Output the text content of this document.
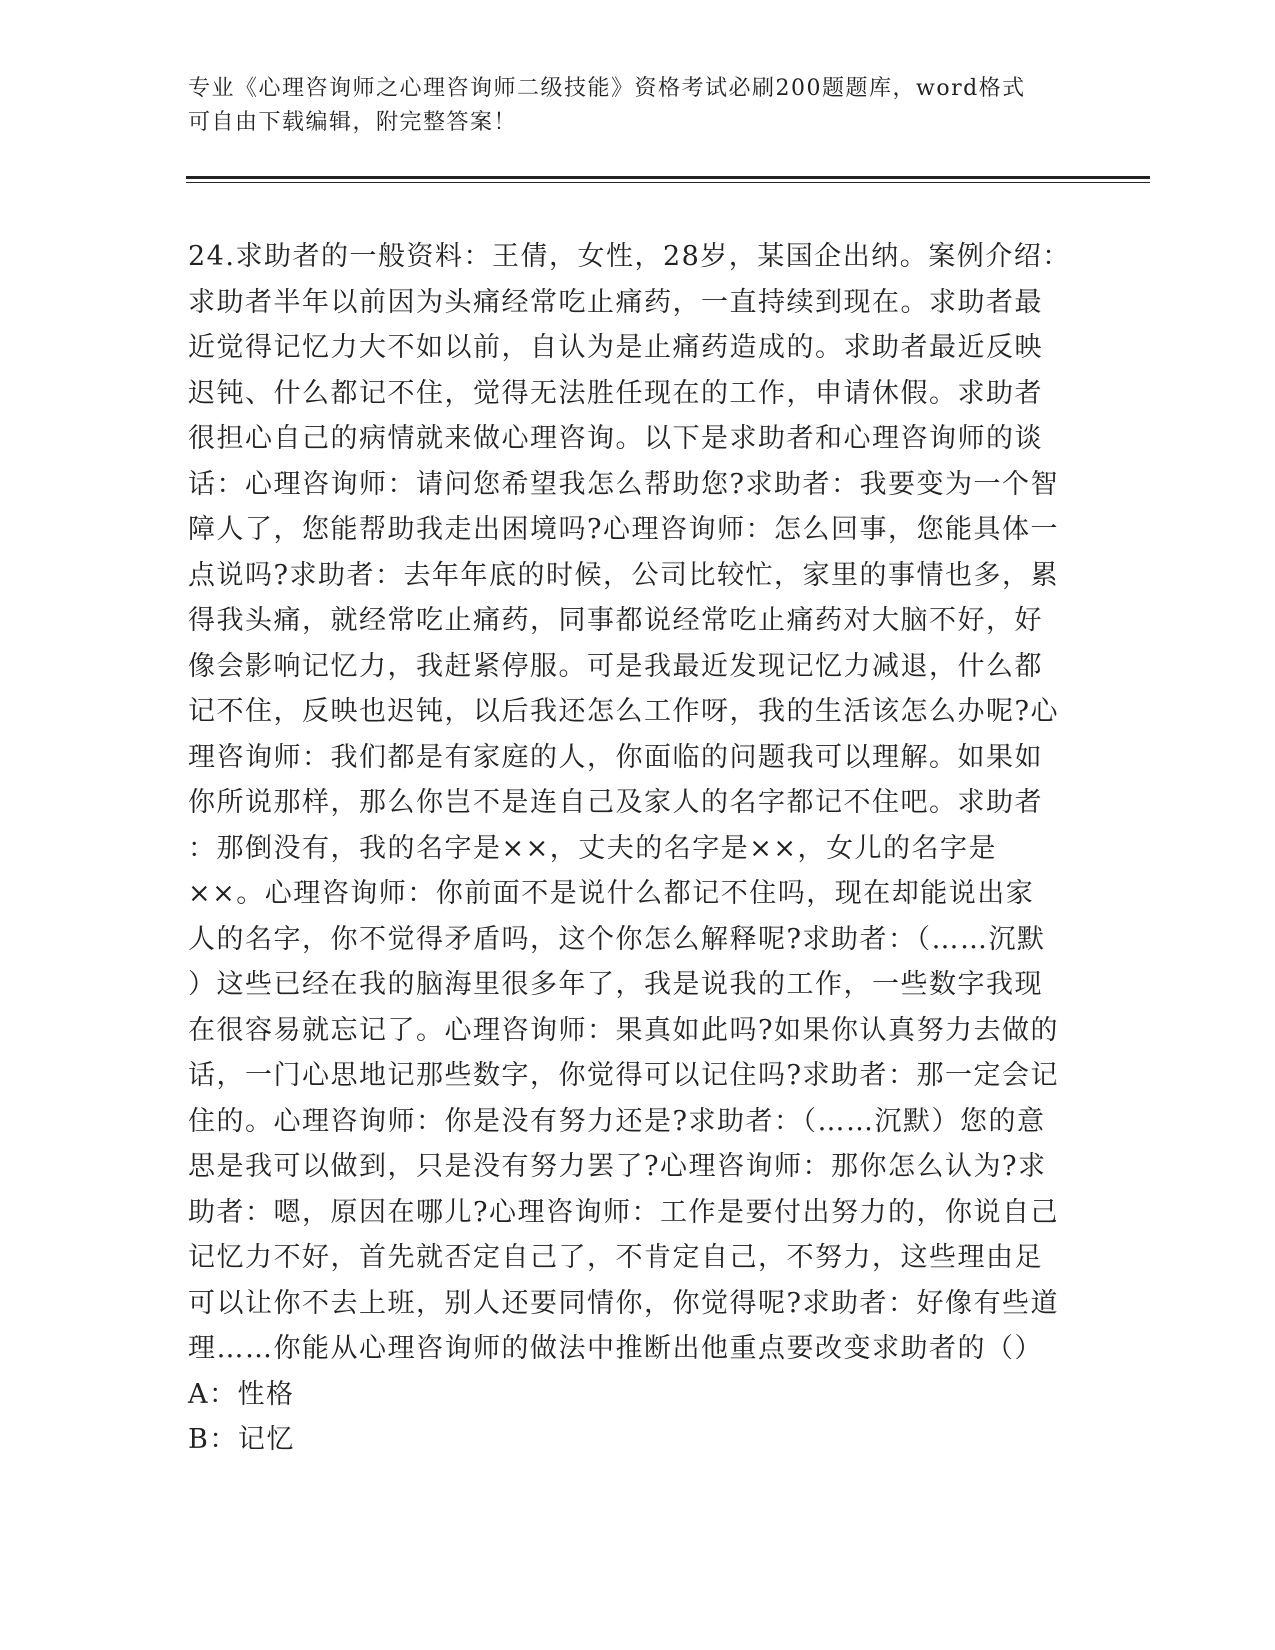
专业《心理咨询师之心理咨询师二级技能》资格考试必刷200题题库，word格式
可自由下载编辑，附完整答案！
24.求助者的一般资料：王倩，女性，28岁，某国企出纳。案例介绍：
求助者半年以前因为头痛经常吃止痛药，一直持续到现在。求助者最
近觉得记忆力大不如以前，自认为是止痛药造成的。求助者最近反映
迟钝、什么都记不住，觉得无法胜任现在的工作，申请休假。求助者
很担心自己的病情就来做心理咨询。以下是求助者和心理咨询师的谈
话：心理咨询师：请问您希望我怎么帮助您?求助者：我要变为一个智
障人了，您能帮助我走出困境吗?心理咨询师：怎么回事，您能具体一
点说吗?求助者：去年年底的时候，公司比较忙，家里的事情也多，累
得我头痛，就经常吃止痛药，同事都说经常吃止痛药对大脑不好，好
像会影响记忆力，我赶紧停服。可是我最近发现记忆力减退，什么都
记不住，反映也迟钝，以后我还怎么工作呀，我的生活该怎么办呢?心
理咨询师：我们都是有家庭的人，你面临的问题我可以理解。如果如
你所说那样，那么你岂不是连自己及家人的名字都记不住吧。求助者
：那倒没有，我的名字是××，丈夫的名字是××，女儿的名字是
××。心理咨询师：你前面不是说什么都记不住吗，现在却能说出家
人的名字，你不觉得矛盾吗，这个你怎么解释呢?求助者：（……沉默
）这些已经在我的脑海里很多年了，我是说我的工作，一些数字我现
在很容易就忘记了。心理咨询师：果真如此吗?如果你认真努力去做的
话，一门心思地记那些数字，你觉得可以记住吗?求助者：那一定会记
住的。心理咨询师：你是没有努力还是?求助者：（……沉默）您的意
思是我可以做到，只是没有努力罢了?心理咨询师：那你怎么认为?求
助者：嗯，原因在哪儿?心理咨询师：工作是要付出努力的，你说自己
记忆力不好，首先就否定自己了，不肯定自己，不努力，这些理由足
可以让你不去上班，别人还要同情你，你觉得呢?求助者：好像有些道
理……你能从心理咨询师的做法中推断出他重点要改变求助者的（）
A：性格
B：记忆
